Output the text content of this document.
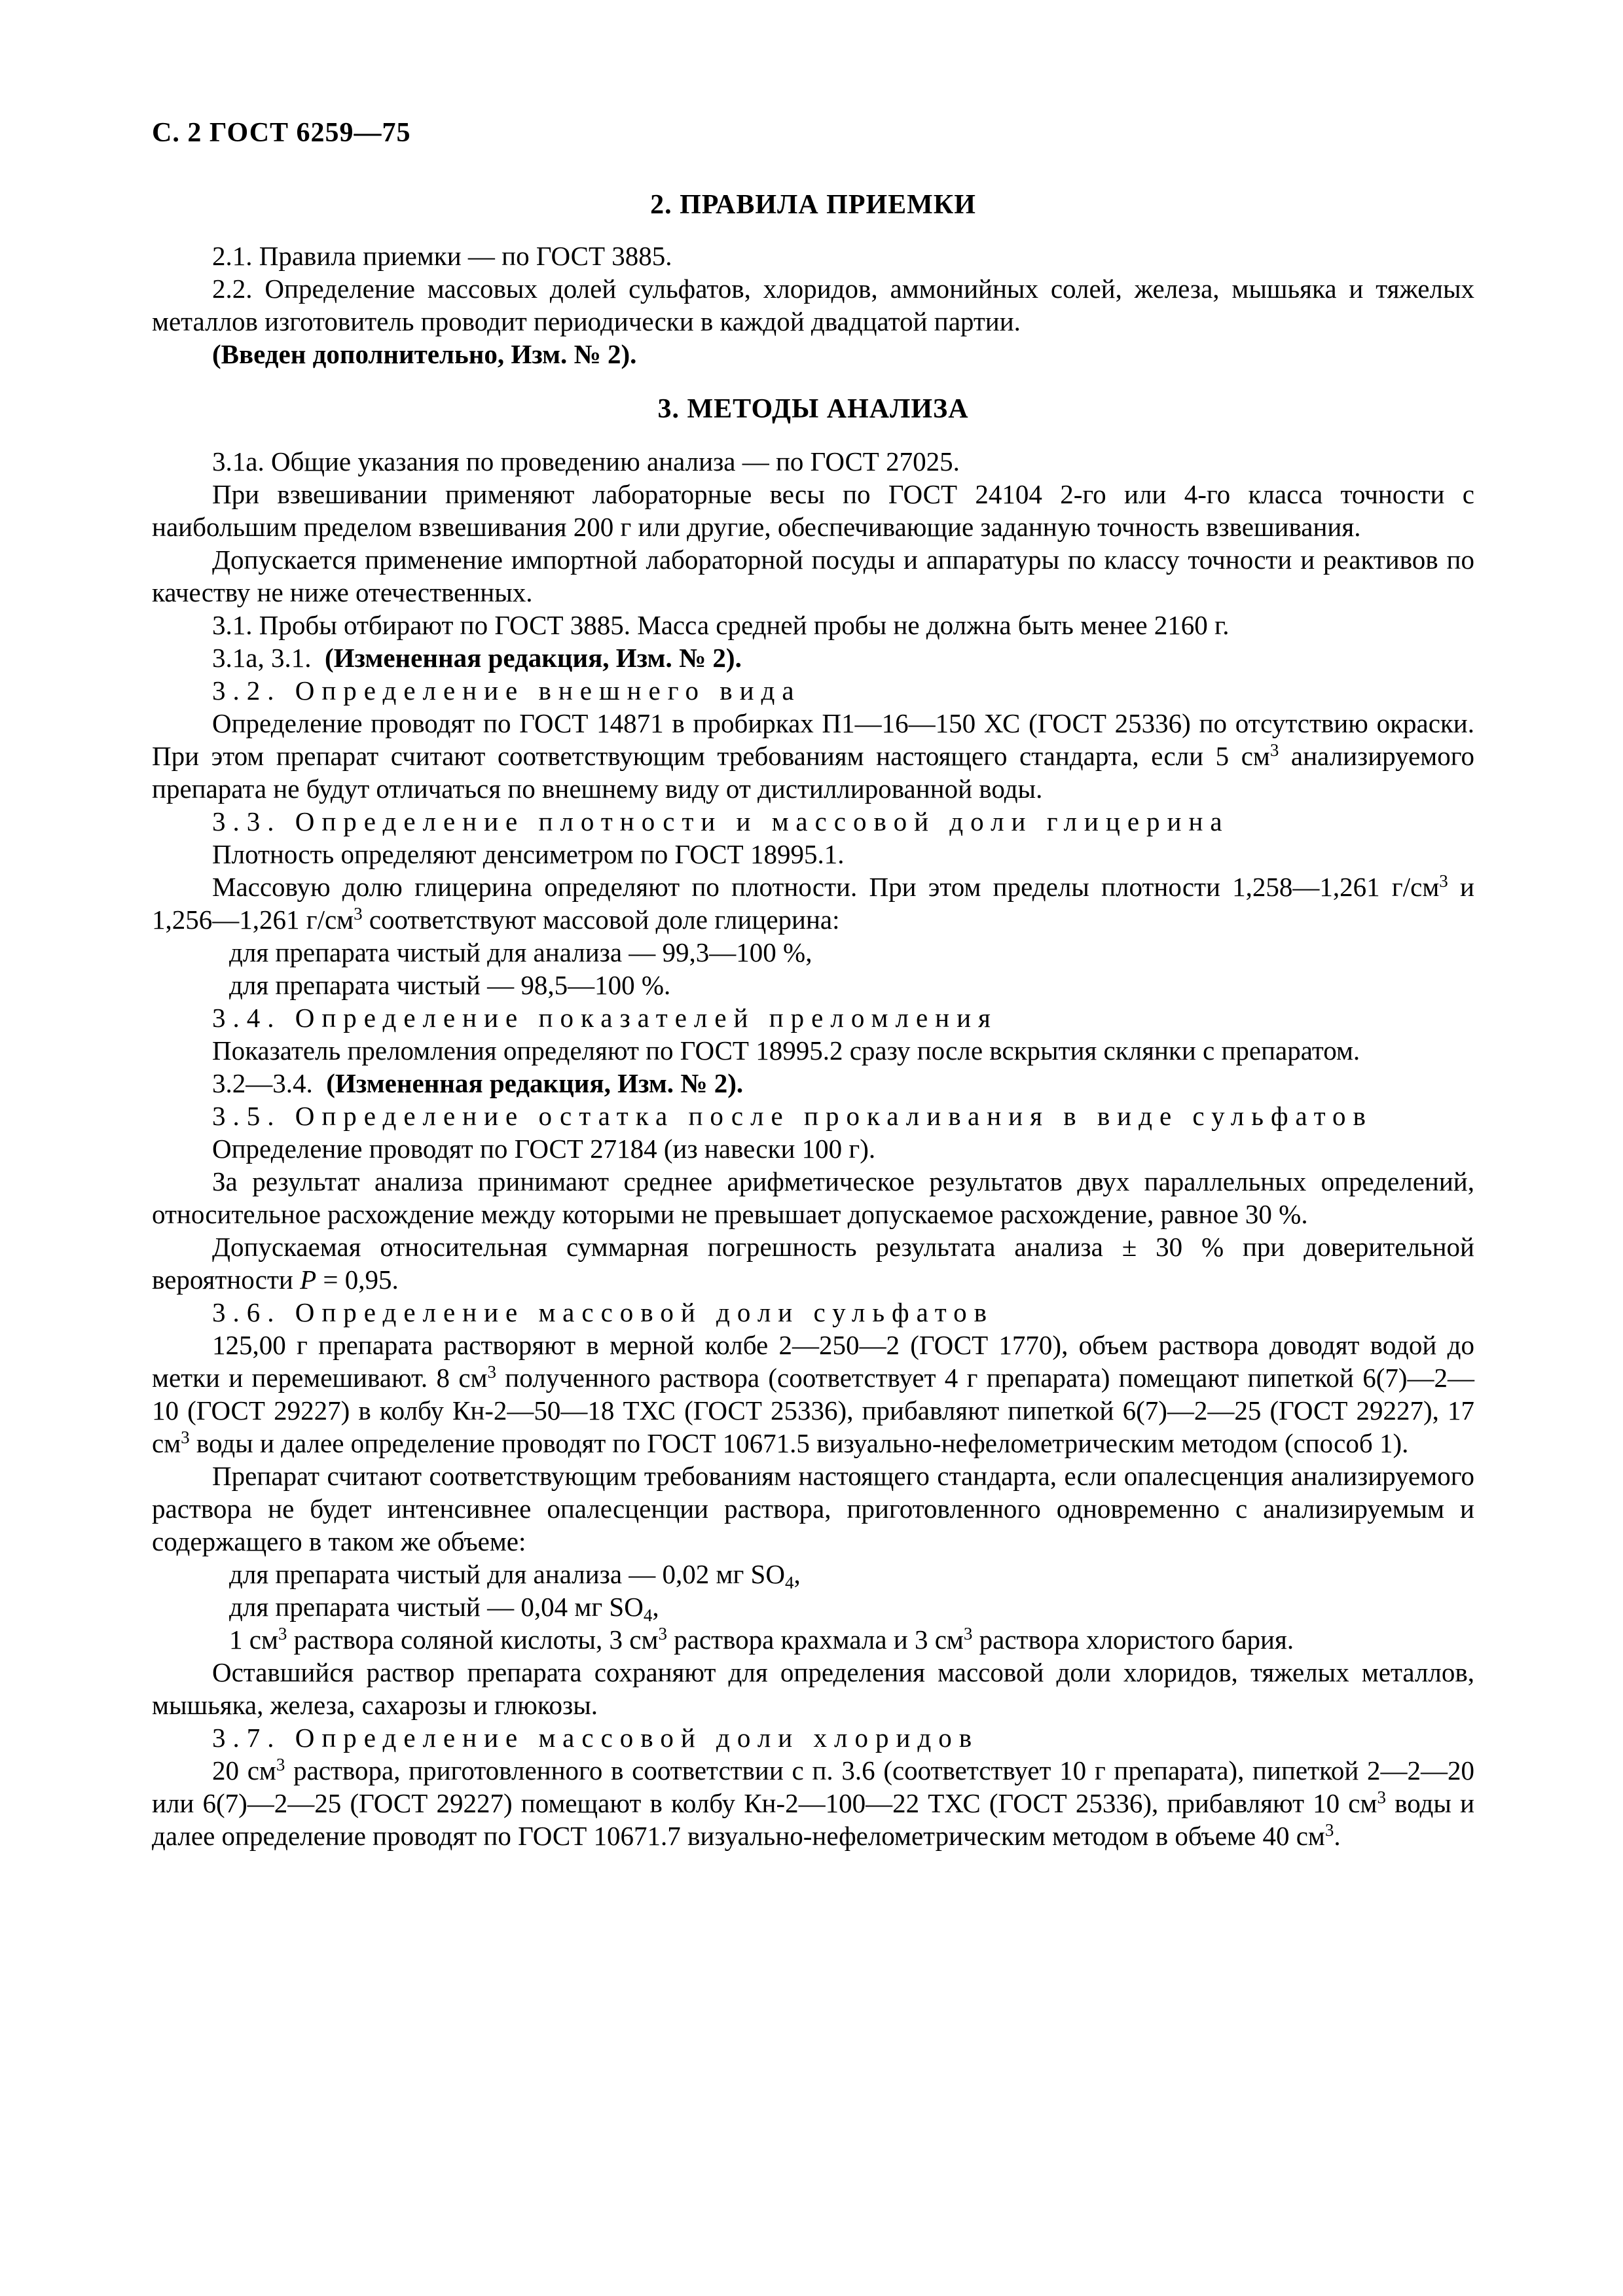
С. 2 ГОСТ 6259—75
2. ПРАВИЛА ПРИЕМКИ

2.1. Правила приемки — по ГОСТ 3885.

2.2. Определение массовых долей сульфатов, хлоридов, аммонийных солей, железа, мышьяка и тяжелых металлов изготовитель проводит периодически в каждой двадцатой партии.

(Введен дополнительно, Изм. № 2).

3. МЕТОДЫ АНАЛИЗА

3.1а. Общие указания по проведению анализа — по ГОСТ 27025.

При взвешивании применяют лабораторные весы по ГОСТ 24104 2-го или 4-го класса точности с наибольшим пределом взвешивания 200 г или другие, обеспечивающие заданную точность взвешивания.

Допускается применение импортной лабораторной посуды и аппаратуры по классу точности и реактивов по качеству не ниже отечественных.

3.1. Пробы отбирают по ГОСТ 3885. Масса средней пробы не должна быть менее 2160 г.

3.1а, 3.1. (Измененная редакция, Изм. № 2).

3.2. Определение внешнего вида

Определение проводят по ГОСТ 14871 в пробирках П1—16—150 ХС (ГОСТ 25336) по отсутствию окраски. При этом препарат считают соответствующим требованиям настоящего стандарта, если 5 $см^3$ анализируемого препарата не будут отличаться по внешнему виду от дистиллированной воды.

3.3. Определение плотности и массовой доли глицерина

Плотность определяют денсиметром по ГОСТ 18995.1.

Массовую долю глицерина определяют по плотности. При этом пределы плотности 1,258—1,261 $г/см^3$ и 1,256—1,261 $г/см^3$ соответствуют массовой доле глицерина:

для препарата чистый для анализа — 99,3—100 %,

для препарата чистый — 98,5—100 %.

3.4. Определение показателей преломления

Показатель преломления определяют по ГОСТ 18995.2 сразу после вскрытия склянки с препаратом.

3.2—3.4. (Измененная редакция, Изм. № 2).

3.5. Определение остатка после прокаливания в виде сульфатов

Определение проводят по ГОСТ 27184 (из навески 100 г).

За результат анализа принимают среднее арифметическое результатов двух параллельных определений, относительное расхождение между которыми не превышает допускаемое расхождение, равное 30 %.

Допускаемая относительная суммарная погрешность результата анализа ± 30 % при доверительной вероятности P = 0,95.

3.6. Определение массовой доли сульфатов

125,00 г препарата растворяют в мерной колбе 2—250—2 (ГОСТ 1770), объем раствора доводят водой до метки и перемешивают. 8 $см^3$ полученного раствора (соответствует 4 г препарата) помещают пипеткой 6(7)—2—10 (ГОСТ 29227) в колбу Кн-2—50—18 ТХС (ГОСТ 25336), прибавляют пипеткой 6(7)—2—25 (ГОСТ 29227), 17 $см^3$ воды и далее определение проводят по ГОСТ 10671.5 визуально-нефелометрическим методом (способ 1).

Препарат считают соответствующим требованиям настоящего стандарта, если опалесценция анализируемого раствора не будет интенсивнее опалесценции раствора, приготовленного одновременно с анализируемым и содержащего в таком же объеме:

для препарата чистый для анализа — 0,02 мг $SO_4$,

для препарата чистый — 0,04 мг $SO_4$,

1 $см^3$ раствора соляной кислоты, 3 $см^3$ раствора крахмала и 3 $см^3$ раствора хлористого бария.

Оставшийся раствор препарата сохраняют для определения массовой доли хлоридов, тяжелых металлов, мышьяка, железа, сахарозы и глюкозы.

3.7. Определение массовой доли хлоридов

20 $см^3$ раствора, приготовленного в соответствии с п. 3.6 (соответствует 10 г препарата), пипеткой 2—2—20 или 6(7)—2—25 (ГОСТ 29227) помещают в колбу Кн-2—100—22 ТХС (ГОСТ 25336), прибавляют 10 $см^3$ воды и далее определение проводят по ГОСТ 10671.7 визуально-нефелометрическим методом в объеме 40 $см^3$.
